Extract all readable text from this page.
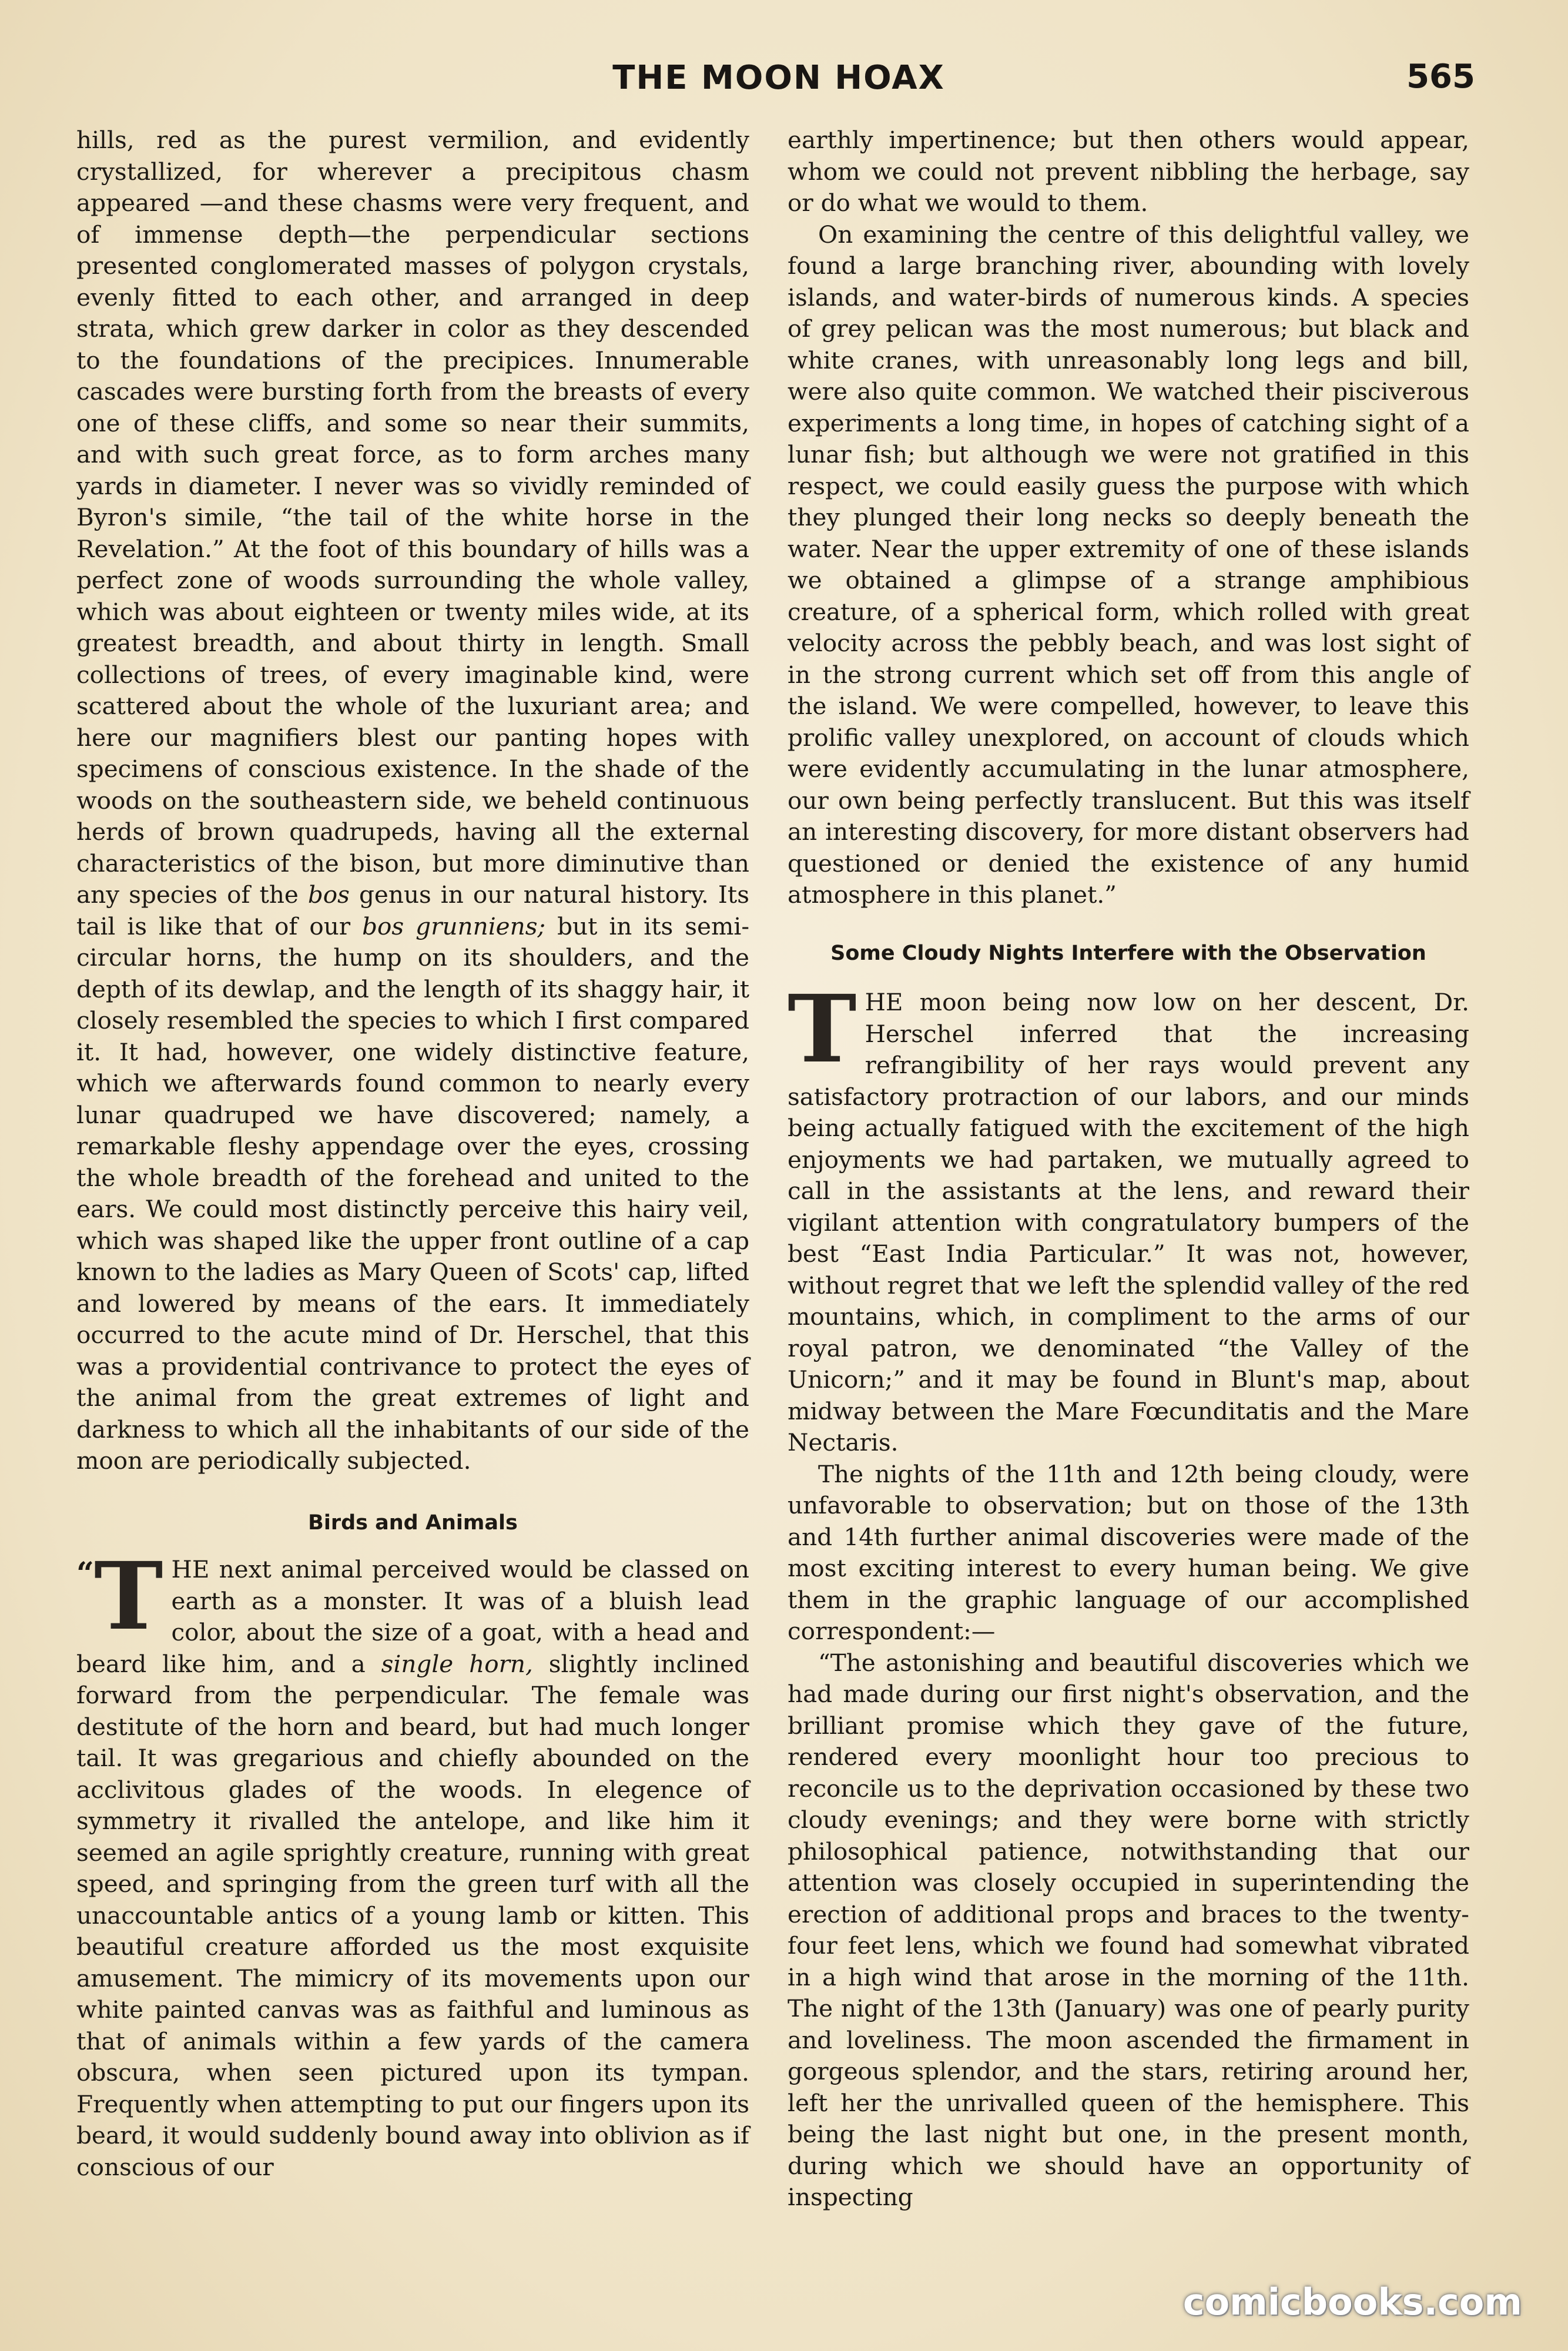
THE MOON HOAX	565

hills, red as the purest vermilion, and evidently crystallized, for wherever a precipitous chasm appeared —and these chasms were very frequent, and of immense depth—the perpendicular sections presented conglomerated masses of polygon crystals, evenly fitted to each other, and arranged in deep strata, which grew darker in color as they descended to the foundations of the precipices. Innumerable cascades were bursting forth from the breasts of every one of these cliffs, and some so near their summits, and with such great force, as to form arches many yards in diameter. I never was so vividly reminded of Byron's simile, “the tail of the white horse in the Revelation.” At the foot of this boundary of hills was a perfect zone of woods surrounding the whole valley, which was about eighteen or twenty miles wide, at its greatest breadth, and about thirty in length. Small collections of trees, of every imaginable kind, were scattered about the whole of the luxuriant area; and here our magnifiers blest our panting hopes with specimens of conscious existence. In the shade of the woods on the southeastern side, we beheld continuous herds of brown quadrupeds, having all the external characteristics of the bison, but more diminutive than any species of the bos genus in our natural history. Its tail is like that of our bos grunniens; but in its semi-circular horns, the hump on its shoulders, and the depth of its dewlap, and the length of its shaggy hair, it closely resembled the species to which I first compared it. It had, however, one widely distinctive feature, which we afterwards found common to nearly every lunar quadruped we have discovered; namely, a remarkable fleshy appendage over the eyes, crossing the whole breadth of the forehead and united to the ears. We could most distinctly perceive this hairy veil, which was shaped like the upper front outline of a cap known to the ladies as Mary Queen of Scots' cap, lifted and lowered by means of the ears. It immediately occurred to the acute mind of Dr. Herschel, that this was a providential contrivance to protect the eyes of the animal from the great extremes of light and darkness to which all the inhabitants of our side of the moon are periodically subjected.

Birds and Animals

“ T HE next animal perceived would be classed on earth as a monster. It was of a bluish lead color, about the size of a goat, with a head and beard like him, and a single horn, slightly inclined forward from the perpendicular. The female was destitute of the horn and beard, but had much longer tail. It was gregarious and chiefly abounded on the acclivitous glades of the woods. In elegence of symmetry it rivalled the antelope, and like him it seemed an agile sprightly creature, running with great speed, and springing from the green turf with all the unaccountable antics of a young lamb or kitten. This beautiful creature afforded us the most exquisite amusement. The mimicry of its movements upon our white painted canvas was as faithful and luminous as that of animals within a few yards of the camera obscura, when seen pictured upon its tympan. Frequently when attempting to put our fingers upon its beard, it would suddenly bound away into oblivion as if conscious of our

earthly impertinence; but then others would appear, whom we could not prevent nibbling the herbage, say or do what we would to them.

On examining the centre of this delightful valley, we found a large branching river, abounding with lovely islands, and water-birds of numerous kinds. A species of grey pelican was the most numerous; but black and white cranes, with unreasonably long legs and bill, were also quite common. We watched their pisciverous experiments a long time, in hopes of catching sight of a lunar fish; but although we were not gratified in this respect, we could easily guess the purpose with which they plunged their long necks so deeply beneath the water. Near the upper extremity of one of these islands we obtained a glimpse of a strange amphibious creature, of a spherical form, which rolled with great velocity across the pebbly beach, and was lost sight of in the strong current which set off from this angle of the island. We were compelled, however, to leave this prolific valley unexplored, on account of clouds which were evidently accumulating in the lunar atmosphere, our own being perfectly translucent. But this was itself an interesting discovery, for more distant observers had questioned or denied the existence of any humid atmosphere in this planet.”

Some Cloudy Nights Interfere with the Observation

THE moon being now low on her descent, Dr. Herschel inferred that the increasing refrangibility of her rays would prevent any satisfactory protraction of our labors, and our minds being actually fatigued with the excitement of the high enjoyments we had partaken, we mutually agreed to call in the assistants at the lens, and reward their vigilant attention with congratulatory bumpers of the best “East India Particular.” It was not, however, without regret that we left the splendid valley of the red mountains, which, in compliment to the arms of our royal patron, we denominated “the Valley of the Unicorn;” and it may be found in Blunt's map, about midway between the Mare Fœcunditatis and the Mare Nectaris.

The nights of the 11th and 12th being cloudy, were unfavorable to observation; but on those of the 13th and 14th further animal discoveries were made of the most exciting interest to every human being. We give them in the graphic language of our accomplished correspondent:—

“The astonishing and beautiful discoveries which we had made during our first night's observation, and the brilliant promise which they gave of the future, rendered every moonlight hour too precious to reconcile us to the deprivation occasioned by these two cloudy evenings; and they were borne with strictly philosophical patience, notwithstanding that our attention was closely occupied in superintending the erection of additional props and braces to the twenty-four feet lens, which we found had somewhat vibrated in a high wind that arose in the morning of the 11th. The night of the 13th (January) was one of pearly purity and loveliness. The moon ascended the firmament in gorgeous splendor, and the stars, retiring around her, left her the unrivalled queen of the hemisphere. This being the last night but one, in the present month, during which we should have an opportunity of inspecting

comicbooks.com
